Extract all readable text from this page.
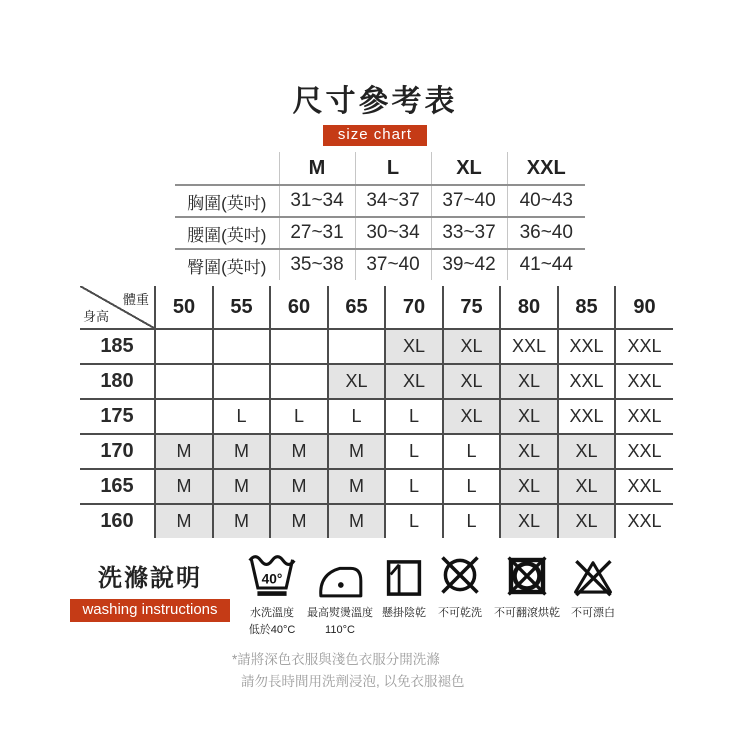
尺寸參考表
size chart
	M	L	XL	XXL
胸圍(英吋)	31~34	34~37	37~40	40~43
腰圍(英吋)	27~31	30~34	33~37	36~40
臀圍(英吋)	35~38	37~40	39~42	41~44
體重
身高	50	55	60	65	70	75	80	85	90
185					XL	XL	XXL	XXL	XXL
180				XL	XL	XL	XL	XXL	XXL
175		L	L	L	L	XL	XL	XXL	XXL
170	M	M	M	M	L	L	XL	XL	XXL
165	M	M	M	M	L	L	XL	XL	XXL
160	M	M	M	M	L	L	XL	XL	XXL
洗滌說明
washing instructions
40°
水洗溫度
低於40°C
最高熨燙溫度
110°C
懸掛陰乾 不可乾洗 不可翻滾烘乾 不可漂白
*請將深色衣服與淺色衣服分開洗滌
請勿長時間用洗劑浸泡, 以免衣服褪色
